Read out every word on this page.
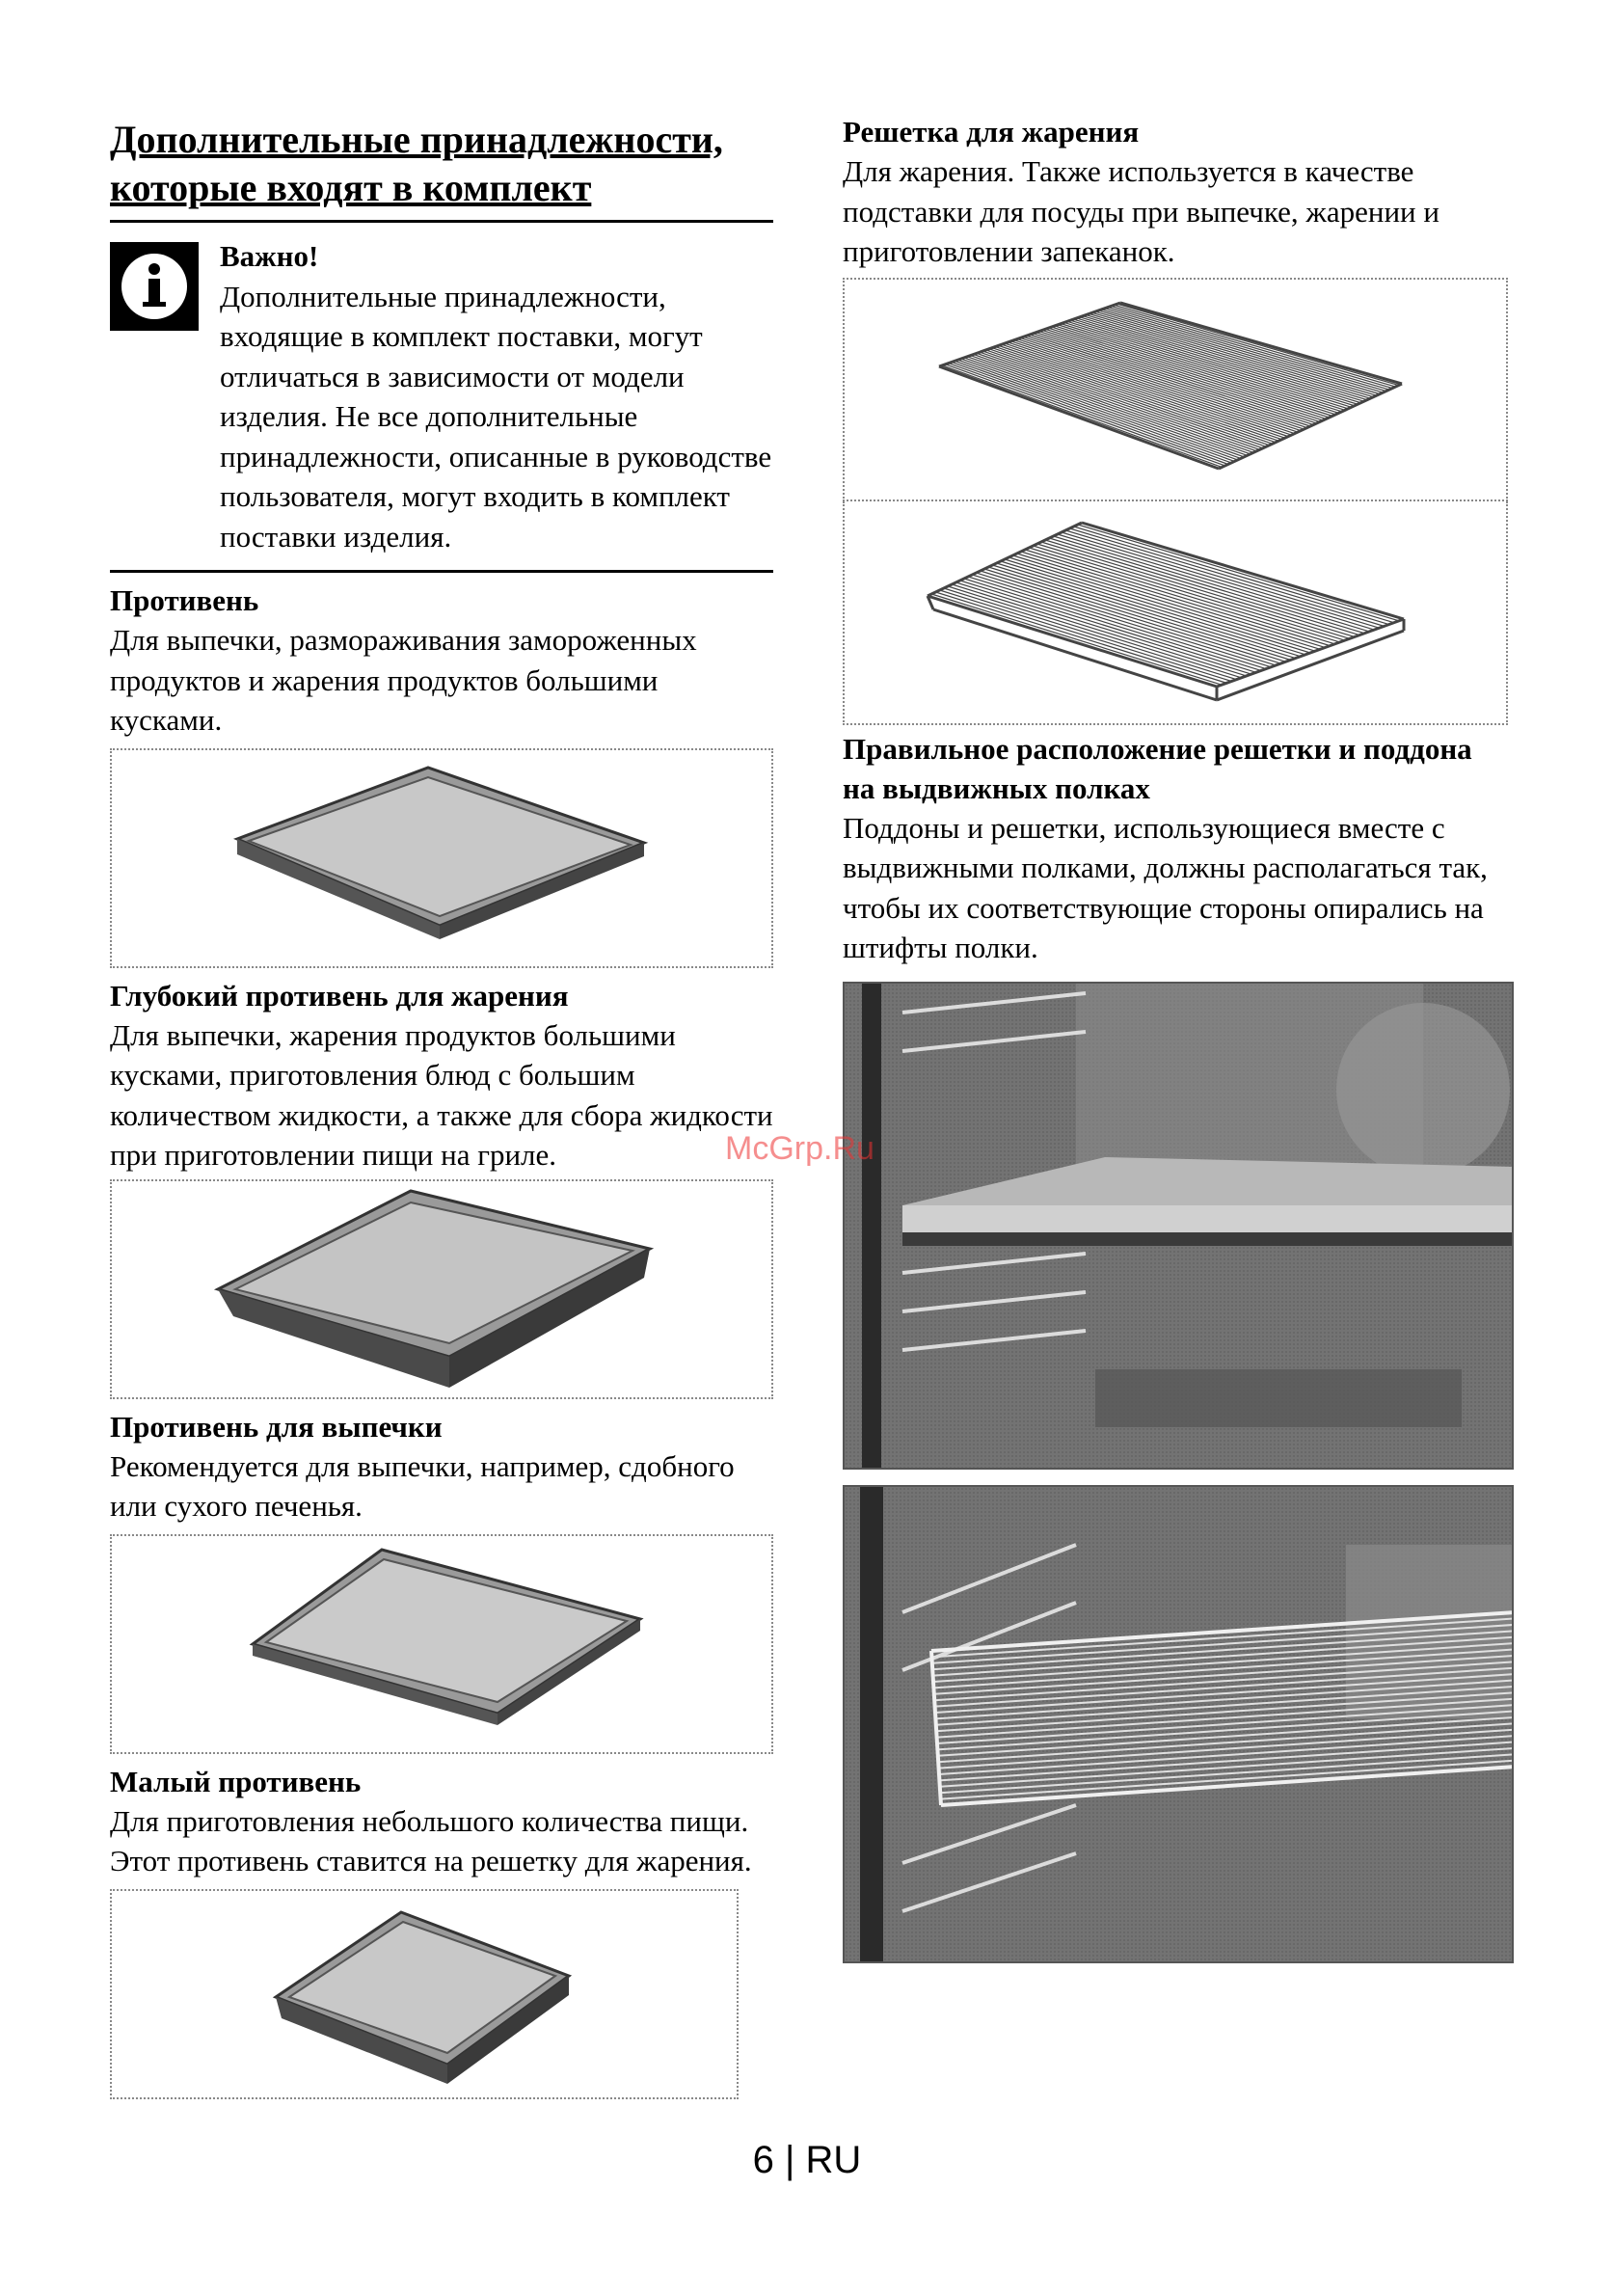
Дополнительные принадлежности,
которые входят в комплект
Важно!
Дополнительные принадлежности, входящие в комплект поставки, могут отличаться в зависимости от модели изделия. Не все дополнительные принадлежности, описанные в руководстве пользователя, могут входить в комплект поставки изделия.
Противень

Для выпечки, размораживания замороженных продуктов и жарения продуктов большими кусками.

Глубокий противень для жарения

Для выпечки, жарения продуктов большими кусками, приготовления блюд с большим количеством жидкости, а также для сбора жидкости при приготовлении пищи на гриле.

Противень для выпечки

Рекомендуется для выпечки, например, сдобного или сухого печенья.

Малый противень

Для приготовления небольшого количества пищи. Этот противень ставится на решетку для жарения.

Решетка для жарения

Для жарения. Также используется в качестве подставки для посуды при выпечке, жарении и приготовлении запеканок.

Правильное расположение решетки и поддона на выдвижных полках

Поддоны и решетки, использующиеся вместе с выдвижными полками, должны располагаться так, чтобы их соответствующие стороны опирались на штифты полки.

McGrp.Ru
6 | RU
